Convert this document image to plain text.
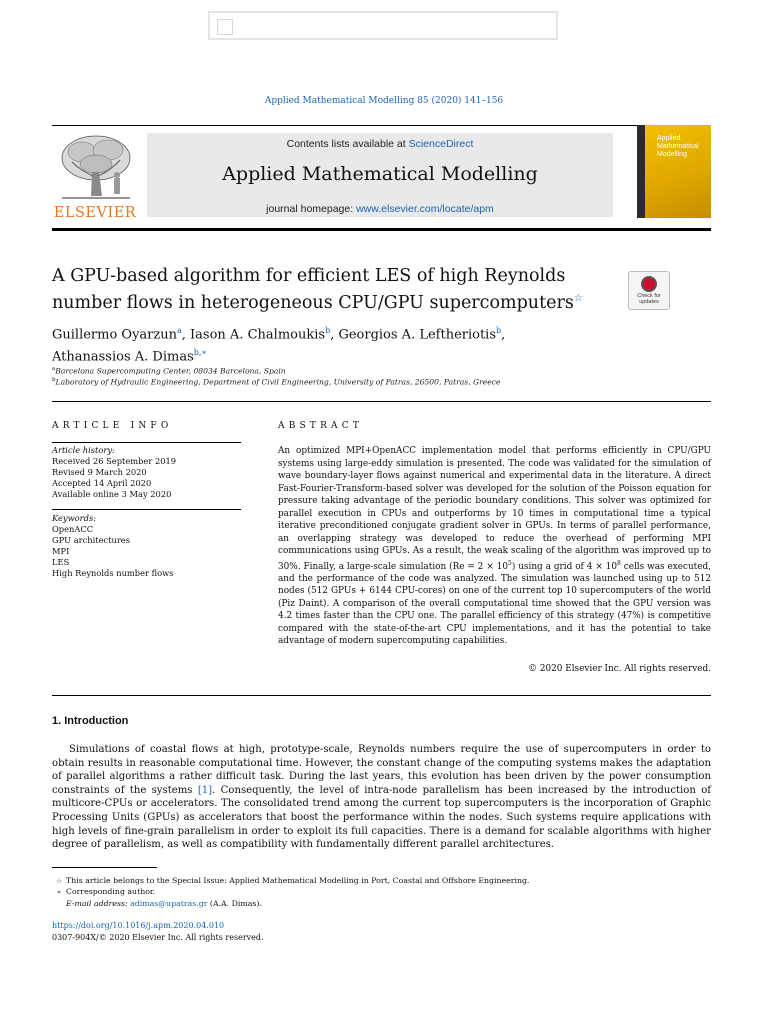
Applied Mathematical Modelling 85 (2020) 141–156
ELSEVIER
Contents lists available at ScienceDirect
Applied Mathematical Modelling
journal homepage: www.elsevier.com/locate/apm
Applied Mathematical Modelling
A GPU-based algorithm for efficient LES of high Reynolds
number flows in heterogeneous CPU/GPU supercomputers☆	Check for updates
Guillermo Oyarzun$^a$, Iason A. Chalmoukis$^b$, Georgios A. Leftheriotis$^b$,
Athanassios A. Dimas$^{b,∗}$
$^a$Barcelona Supercomputing Center, 08034 Barcelona, Spain
$^b$Laboratory of Hydraulic Engineering, Department of Civil Engineering, University of Patras, 26500, Patras, Greece
ARTICLE INFO	ABSTRACT
Article history:
Received 26 September 2019
Revised 9 March 2020
Accepted 14 April 2020
Available online 3 May 2020
Keywords:
OpenACC
GPU architectures
MPI
LES
High Reynolds number flows
An optimized MPI+OpenACC implementation model that performs efficiently in CPU/GPU systems using large-eddy simulation is presented. The code was validated for the simulation of wave boundary-layer flows against numerical and experimental data in the literature. A direct Fast-Fourier-Transform-based solver was developed for the solution of the Poisson equation for pressure taking advantage of the periodic boundary conditions. This solver was optimized for parallel execution in CPUs and outperforms by 10 times in computational time a typical iterative preconditioned conjugate gradient solver in GPUs. In terms of parallel performance, an overlapping strategy was developed to reduce the overhead of performing MPI communications using GPUs. As a result, the weak scaling of the algorithm was improved up to 30%. Finally, a large-scale simulation $(Re = 2 \times 10^5)$ using a grid of $4 \times 10^8$ cells was executed, and the performance of the code was analyzed. The simulation was launched using up to 512 nodes (512 GPUs + 6144 CPU-cores) on one of the current top 10 supercomputers of the world (Piz Daint). A comparison of the overall computational time showed that the GPU version was 4.2 times faster than the CPU one. The parallel efficiency of this strategy (47%) is competitive compared with the state-of-the-art CPU implementations, and it has the potential to take advantage of modern supercomputing capabilities.
© 2020 Elsevier Inc. All rights reserved.
1. Introduction
Simulations of coastal flows at high, prototype-scale, Reynolds numbers require the use of supercomputers in order to obtain results in reasonable computational time. However, the constant change of the computing systems makes the adaptation of parallel algorithms a rather difficult task. During the last years, this evolution has been driven by the power consumption constraints of the systems [1]. Consequently, the level of intra-node parallelism has been increased by the introduction of multicore-CPUs or accelerators. The consolidated trend among the current top supercomputers is the incorporation of Graphic Processing Units (GPUs) as accelerators that boost the performance within the nodes. Such systems require applications with high levels of fine-grain parallelism in order to exploit its full capacities. There is a demand for scalable algorithms with higher degree of parallelism, as well as compatibility with fundamentally different parallel architectures.
☆ This article belongs to the Special Issue: Applied Mathematical Modelling in Port, Coastal and Offshore Engineering.
∗ Corresponding author.
E-mail address: adimas@upatras.gr (A.A. Dimas).
https://doi.org/10.1016/j.apm.2020.04.010
0307-904X/© 2020 Elsevier Inc. All rights reserved.
